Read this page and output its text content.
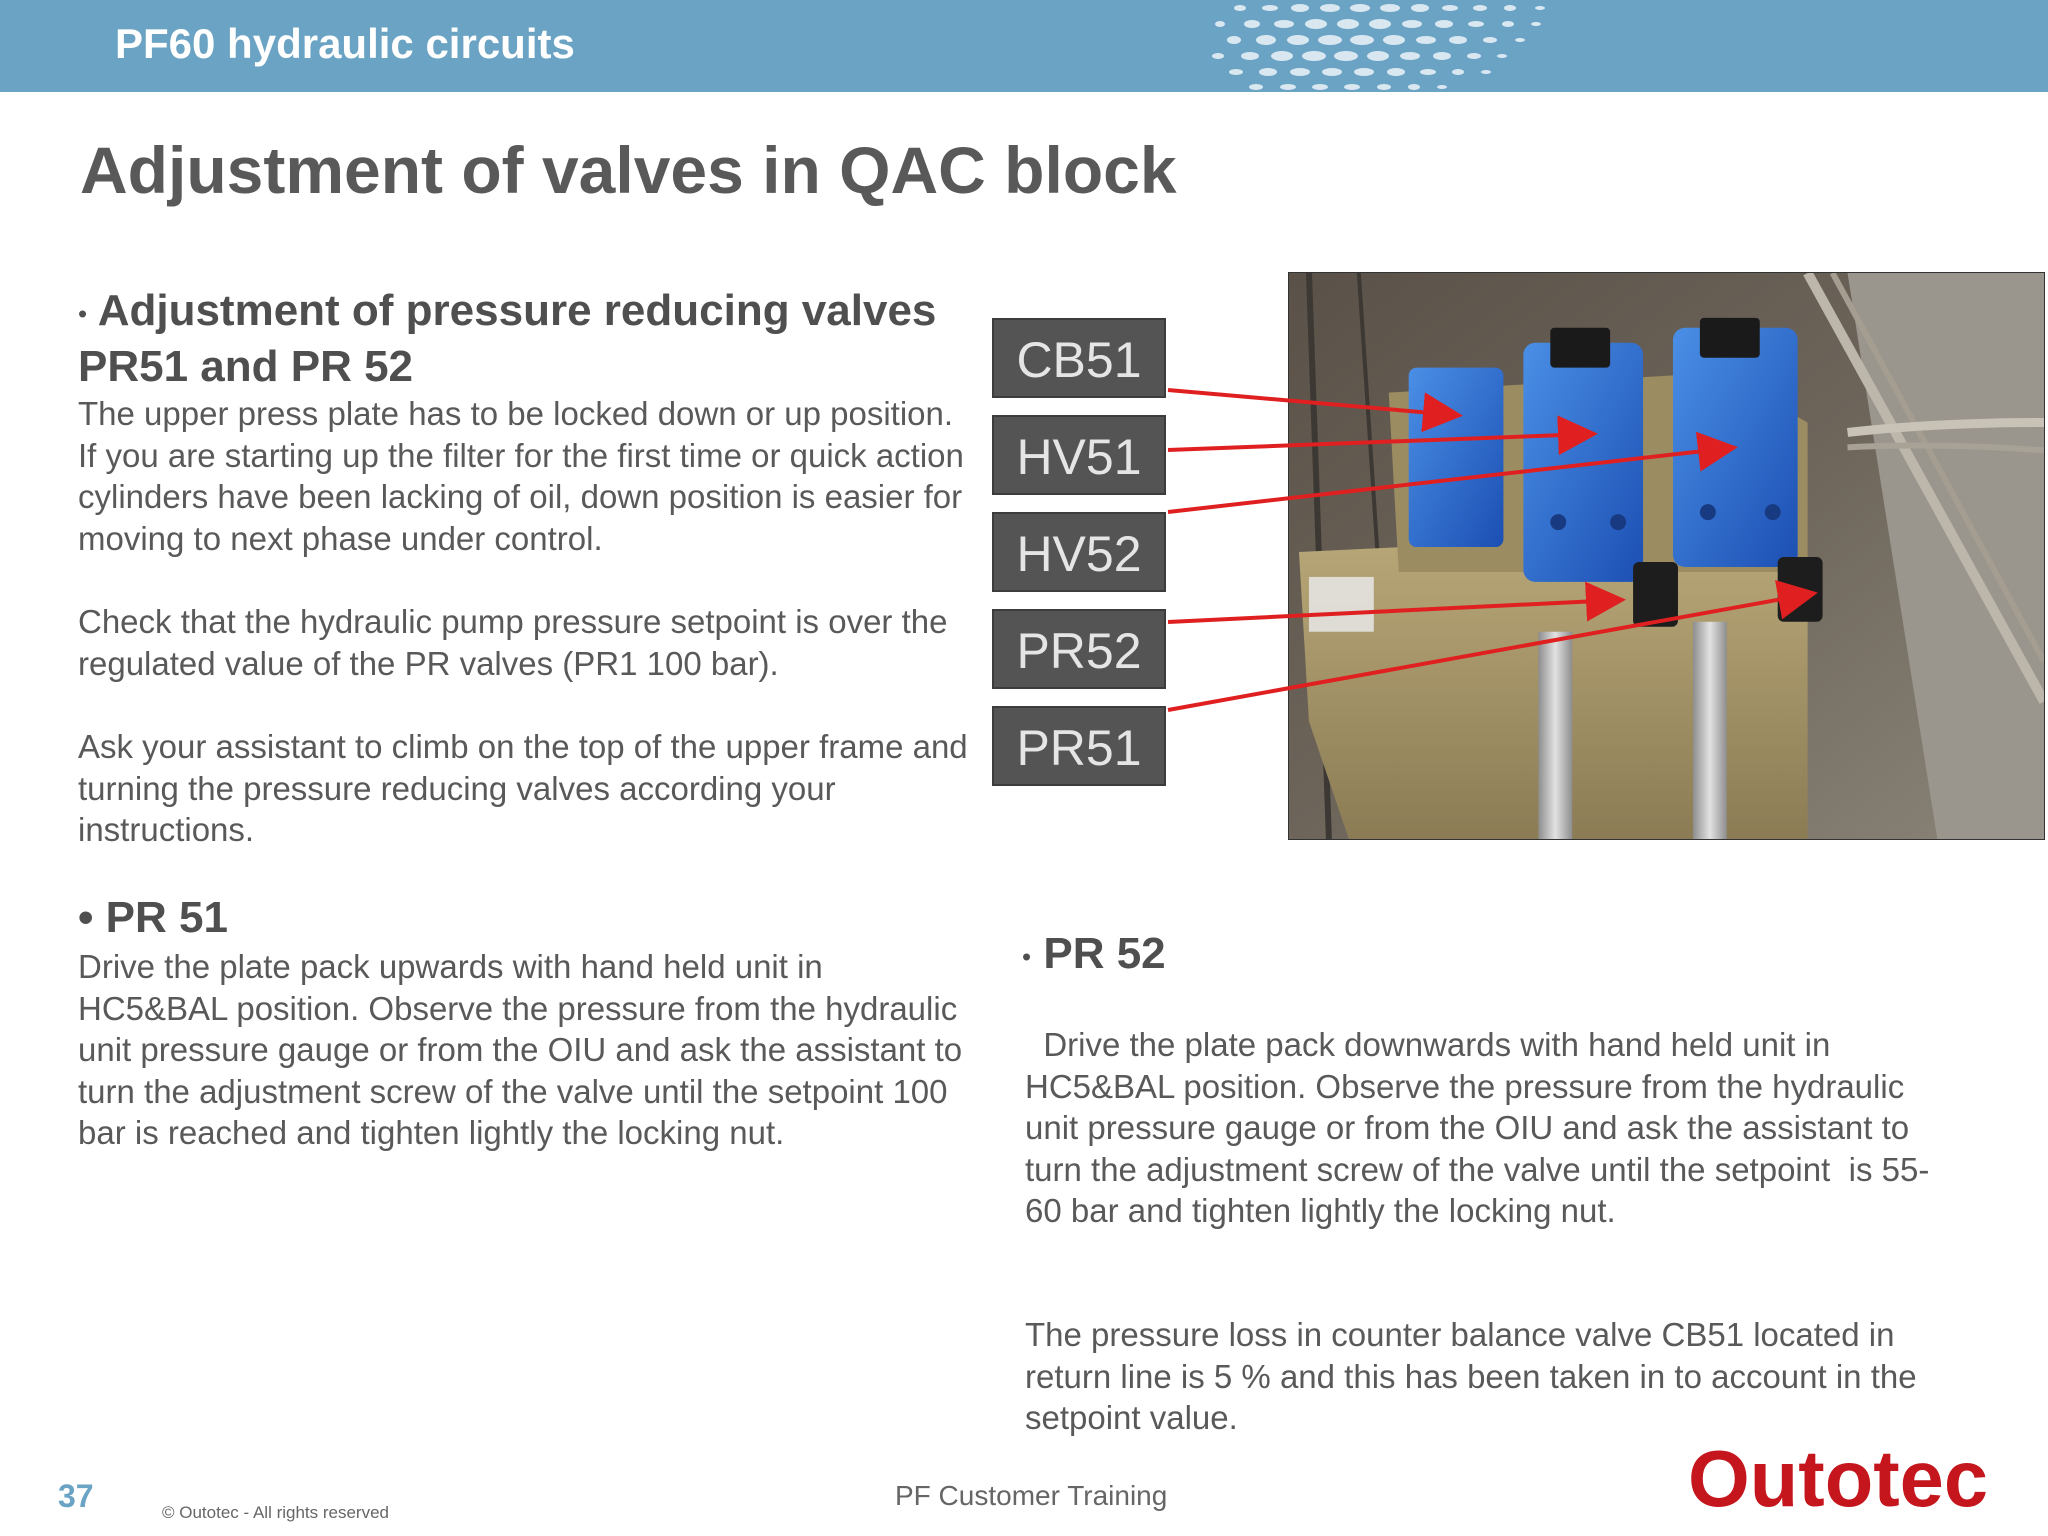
PF60 hydraulic circuits
Adjustment of valves in QAC block
• Adjustment of pressure reducing valves PR51 and PR 52
The upper press plate has to be locked down or up position. If you are starting up the filter for the first time or quick action cylinders have been lacking of oil, down position is easier for moving to next phase under control.
Check that the hydraulic pump pressure setpoint is over the regulated value of the PR valves (PR1 100 bar).
Ask your assistant to climb on the top of the upper frame and turning the pressure reducing valves according your instructions.
• PR 51
Drive the plate pack upwards with hand held unit in HC5&BAL position. Observe the pressure from the hydraulic unit pressure gauge or from the OIU and ask the assistant to turn the adjustment screw of the valve until the setpoint 100 bar is reached and tighten lightly the locking nut.
• PR 52
Drive the plate pack downwards with hand held unit in HC5&BAL position. Observe the pressure from the hydraulic unit pressure gauge or from the OIU and ask the assistant to turn the adjustment screw of the valve until the setpoint  is 55-60 bar and tighten lightly the locking nut.
The pressure loss in counter balance valve CB51 located in return line is 5 % and this has been taken in to account in the setpoint value.
CB51
HV51
HV52
PR52
PR51
37	© Outotec - All rights reserved
PF Customer Training	Outotec
